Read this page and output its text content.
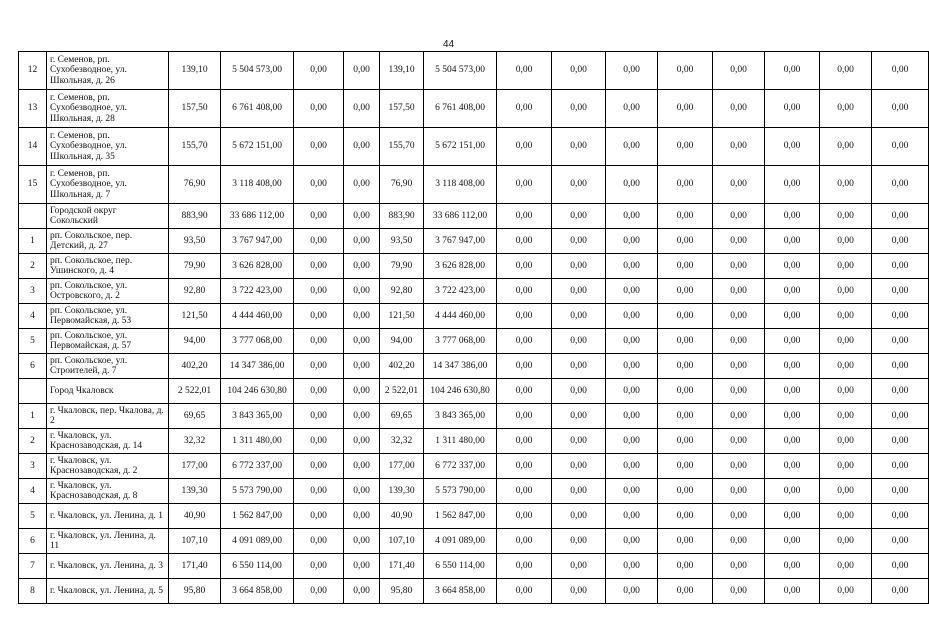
44
12	г. Семенов, рп. Сухобезводное, ул. Школьная, д. 26	139,10	5 504 573,00	0,00	0,00	139,10	5 504 573,00	0,00	0,00	0,00	0,00	0,00	0,00	0,00	0,00
13	г. Семенов, рп. Сухобезводное, ул. Школьная, д. 28	157,50	6 761 408,00	0,00	0,00	157,50	6 761 408,00	0,00	0,00	0,00	0,00	0,00	0,00	0,00	0,00
14	г. Семенов, рп. Сухобезводное, ул. Школьная, д. 35	155,70	5 672 151,00	0,00	0,00	155,70	5 672 151,00	0,00	0,00	0,00	0,00	0,00	0,00	0,00	0,00
15	г. Семенов, рп. Сухобезводное, ул. Школьная, д. 7	76,90	3 118 408,00	0,00	0,00	76,90	3 118 408,00	0,00	0,00	0,00	0,00	0,00	0,00	0,00	0,00
	Городской округ Сокольский	883,90	33 686 112,00	0,00	0,00	883,90	33 686 112,00	0,00	0,00	0,00	0,00	0,00	0,00	0,00	0,00
1	рп. Сокольское, пер. Детский, д. 27	93,50	3 767 947,00	0,00	0,00	93,50	3 767 947,00	0,00	0,00	0,00	0,00	0,00	0,00	0,00	0,00
2	рп. Сокольское, пер. Ушинского, д. 4	79,90	3 626 828,00	0,00	0,00	79,90	3 626 828,00	0,00	0,00	0,00	0,00	0,00	0,00	0,00	0,00
3	рп. Сокольское, ул. Островского, д. 2	92,80	3 722 423,00	0,00	0,00	92,80	3 722 423,00	0,00	0,00	0,00	0,00	0,00	0,00	0,00	0,00
4	рп. Сокольское, ул. Первомайская, д. 53	121,50	4 444 460,00	0,00	0,00	121,50	4 444 460,00	0,00	0,00	0,00	0,00	0,00	0,00	0,00	0,00
5	рп. Сокольское, ул. Первомайская, д. 57	94,00	3 777 068,00	0,00	0,00	94,00	3 777 068,00	0,00	0,00	0,00	0,00	0,00	0,00	0,00	0,00
6	рп. Сокольское, ул. Строителей, д. 7	402,20	14 347 386,00	0,00	0,00	402,20	14 347 386,00	0,00	0,00	0,00	0,00	0,00	0,00	0,00	0,00
	Город Чкаловск	2 522,01	104 246 630,80	0,00	0,00	2 522,01	104 246 630,80	0,00	0,00	0,00	0,00	0,00	0,00	0,00	0,00
1	г. Чкаловск, пер. Чкалова, д. 2	69,65	3 843 365,00	0,00	0,00	69,65	3 843 365,00	0,00	0,00	0,00	0,00	0,00	0,00	0,00	0,00
2	г. Чкаловск, ул. Краснозаводская, д. 14	32,32	1 311 480,00	0,00	0,00	32,32	1 311 480,00	0,00	0,00	0,00	0,00	0,00	0,00	0,00	0,00
3	г. Чкаловск, ул. Краснозаводская, д. 2	177,00	6 772 337,00	0,00	0,00	177,00	6 772 337,00	0,00	0,00	0,00	0,00	0,00	0,00	0,00	0,00
4	г. Чкаловск, ул. Краснозаводская, д. 8	139,30	5 573 790,00	0,00	0,00	139,30	5 573 790,00	0,00	0,00	0,00	0,00	0,00	0,00	0,00	0,00
5	г. Чкаловск, ул. Ленина, д. 1	40,90	1 562 847,00	0,00	0,00	40,90	1 562 847,00	0,00	0,00	0,00	0,00	0,00	0,00	0,00	0,00
6	г. Чкаловск, ул. Ленина, д. 11	107,10	4 091 089,00	0,00	0,00	107,10	4 091 089,00	0,00	0,00	0,00	0,00	0,00	0,00	0,00	0,00
7	г. Чкаловск, ул. Ленина, д. 3	171,40	6 550 114,00	0,00	0,00	171,40	6 550 114,00	0,00	0,00	0,00	0,00	0,00	0,00	0,00	0,00
8	г. Чкаловск, ул. Ленина, д. 5	95,80	3 664 858,00	0,00	0,00	95,80	3 664 858,00	0,00	0,00	0,00	0,00	0,00	0,00	0,00	0,00
